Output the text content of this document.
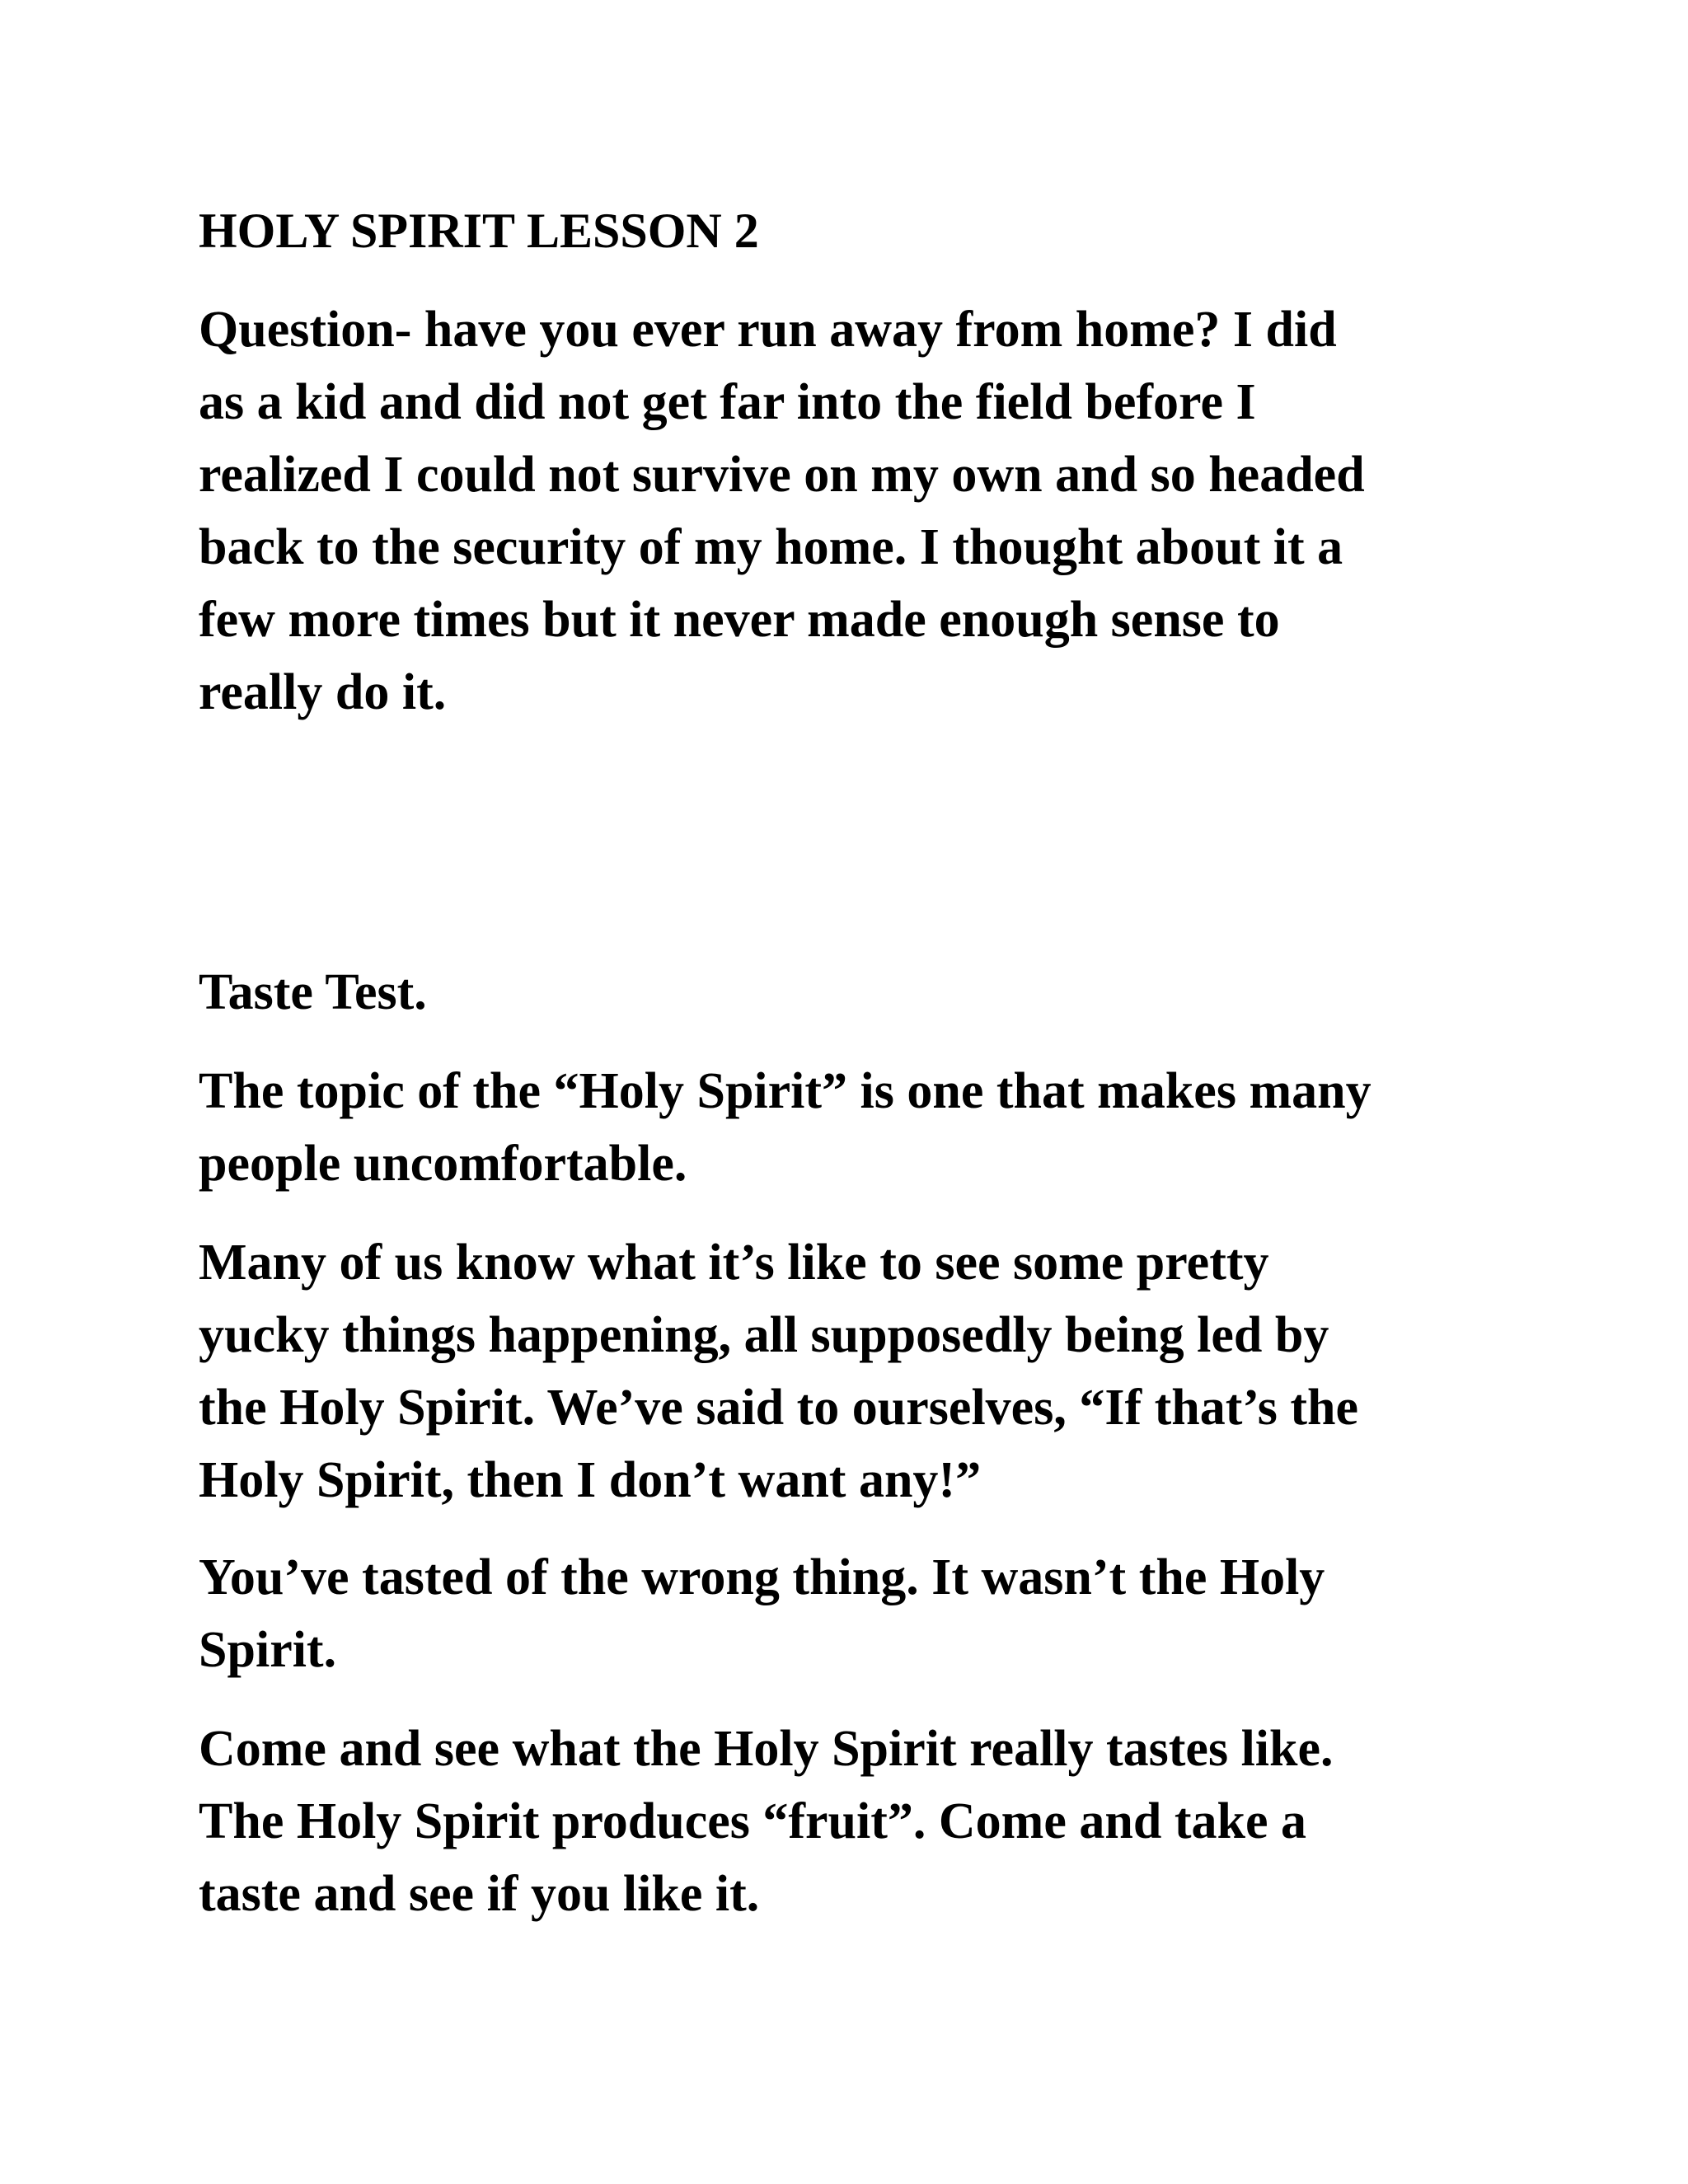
HOLY SPIRIT LESSON 2

Question- have you ever run away from home? I did
as a kid and did not get far into the field before I
realized I could not survive on my own and so headed
back to the security of my home. I thought about it a
few more times but it never made enough sense to
really do it.

Taste Test.

The topic of the “Holy Spirit” is one that makes many
people uncomfortable.

Many of us know what it’s like to see some pretty
yucky things happening, all supposedly being led by
the Holy Spirit. We’ve said to ourselves, “If that’s the
Holy Spirit, then I don’t want any!”

You’ve tasted of the wrong thing. It wasn’t the Holy
Spirit.

Come and see what the Holy Spirit really tastes like.
The Holy Spirit produces “fruit”. Come and take a
taste and see if you like it.
